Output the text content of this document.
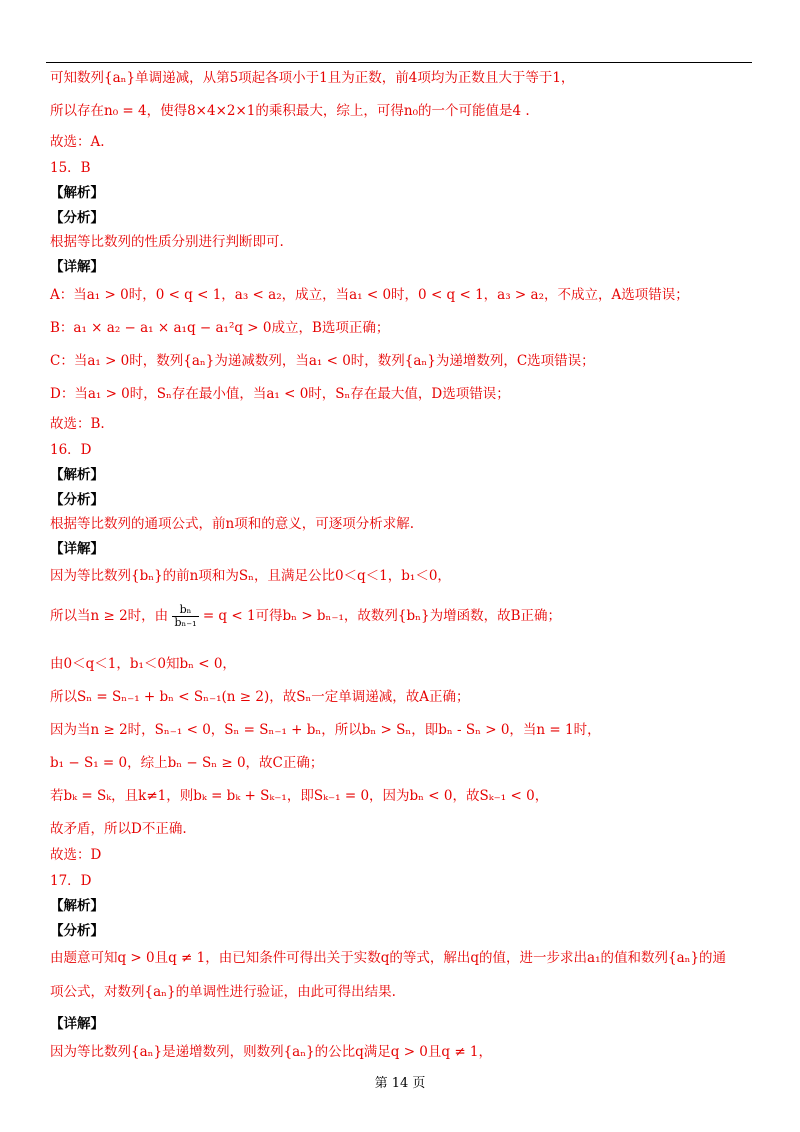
可知数列{aₙ}单调递减，从第5项起各项小于1且为正数，前4项均为正数且大于等于1，
所以存在n₀ = 4，使得8×4×2×1的乘积最大，综上，可得n₀的一个可能值是4 .
故选：A.
15．B
【解析】
【分析】
根据等比数列的性质分别进行判断即可.
【详解】
A：当a₁ > 0时，0 < q < 1，a₃ < a₂，成立，当a₁ < 0时，0 < q < 1，a₃ > a₂，不成立，A选项错误；
B：a₁ × a₂ − a₁ × a₁q − a₁²q > 0成立，B选项正确；
C：当a₁ > 0时，数列{aₙ}为递减数列，当a₁ < 0时，数列{aₙ}为递增数列，C选项错误；
D：当a₁ > 0时，Sₙ存在最小值，当a₁ < 0时，Sₙ存在最大值，D选项错误；
故选：B.
16．D
【解析】
【分析】
根据等比数列的通项公式，前n项和的意义，可逐项分析求解.
【详解】
因为等比数列{bₙ}的前n项和为Sₙ，且满足公比0＜q＜1，b₁＜0，
由0＜q＜1，b₁＜0知bₙ < 0，
所以Sₙ = Sₙ₋₁ + bₙ < Sₙ₋₁(n ≥ 2)，故Sₙ一定单调递减，故A正确；
因为当n ≥ 2时，Sₙ₋₁ < 0，Sₙ = Sₙ₋₁ + bₙ，所以bₙ > Sₙ，即bₙ - Sₙ > 0，当n = 1时，
b₁ − S₁ = 0，综上bₙ − Sₙ ≥ 0，故C正确；
若bₖ = Sₖ，且k≠1，则bₖ = bₖ + Sₖ₋₁，即Sₖ₋₁ = 0，因为bₙ < 0，故Sₖ₋₁ < 0，
故矛盾，所以D不正确.
故选：D
17．D
【解析】
【分析】
由题意可知q > 0且q ≠ 1，由已知条件可得出关于实数q的等式，解出q的值，进一步求出a₁的值和数列{aₙ}的通
项公式，对数列{aₙ}的单调性进行验证，由此可得出结果.
【详解】
因为等比数列{aₙ}是递增数列，则数列{aₙ}的公比q满足q > 0且q ≠ 1，
所以当n ≥ 2时，由 $\frac{\text{bₙ}}{\text{bₙ₋₁}} = q < 1$可得bₙ > bₙ₋₁，故数列{bₙ}为增函数，故B正确；
第 14 页
